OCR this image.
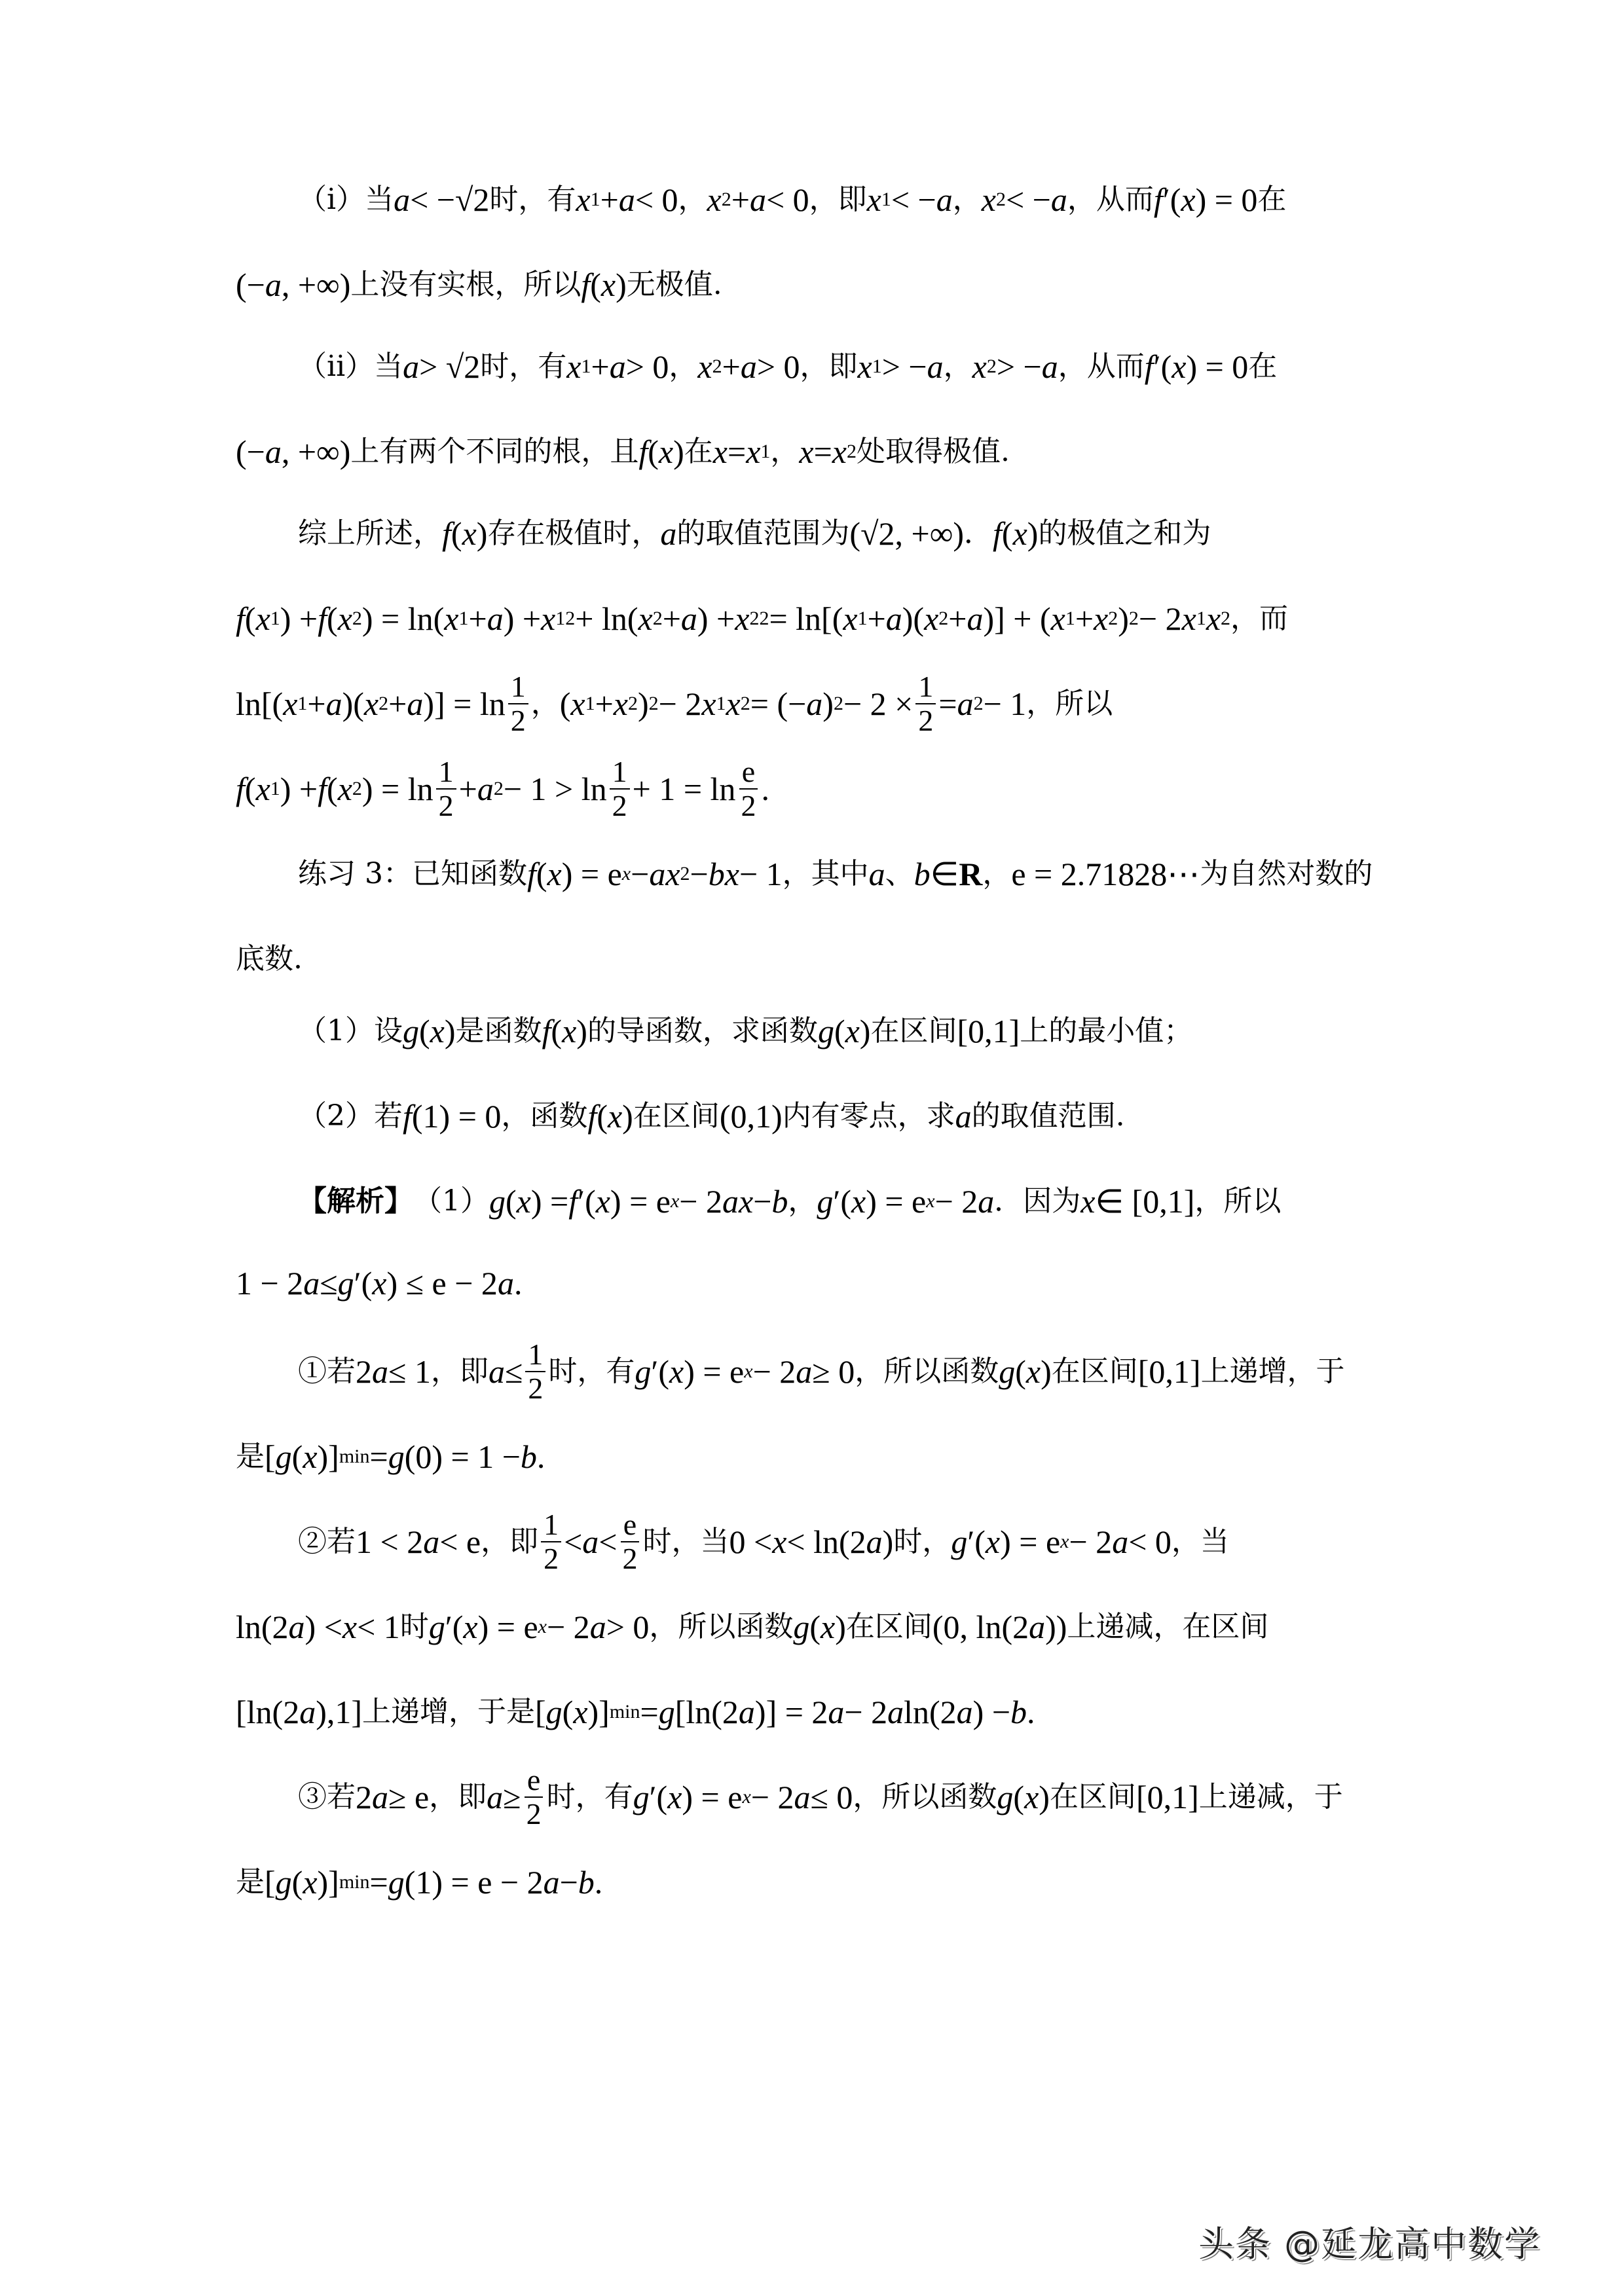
（i）当 a < −√2 时，有 x 1 + a < 0 ， x 2 + a < 0 ，即 x 1 < − a ， x 2 < − a ，从而 f ′( x ) = 0 在
(− a , +∞) 上没有实根，所以 f ( x ) 无极值.
（ii）当 a > √2 时，有 x 1 + a > 0 ， x 2 + a > 0 ，即 x 1 > − a ， x 2 > − a ，从而 f ′( x ) = 0 在
(− a , +∞) 上有两个不同的根，且 f ( x ) 在 x = x 1 ， x = x 2 处取得极值.
综上所述， f ( x ) 存在极值时， a 的取值范围为 (√2, +∞) ． f ( x ) 的极值之和为
f ( x 1 ) + f ( x 2 ) = ln( x 1 + a ) + x 1 2 + ln( x 2 + a ) + x 2 2 = ln[( x 1 + a )( x 2 + a )] + ( x 1 + x 2 ) 2 − 2 x 1 x 2 ，而
ln[( x 1 + a )( x 2 + a )] = $\ln \frac{1}{2}$ ， ( x 1 + x 2 ) 2 − 2 x 1 x 2 = (− a ) $2 - 2 \times \frac{1}{2} = a$ 2 − 1 ，所以
f ( x 1 ) + f ( x 2 ) = $\ln \frac{1}{2} + a$ $2 - 1 > \ln \frac{1}{2} + 1 = \ln \frac{e}{2}$ .
练习 3：已知函数 f ( x ) = e x − ax 2 − bx − 1 ，其中 a 、 b ∈ R ， e = 2.71828⋯ 为自然对数的
底数.
（1）设 g ( x ) 是函数 f ( x ) 的导函数，求函数 g ( x ) 在区间 [0,1] 上的最小值；
（2）若 f (1) = 0 ，函数 f ( x ) 在区间 (0,1) 内有零点，求 a 的取值范围.
【解析】 （1） g ( x ) = f ′( x ) = e x − 2 ax − b ， g ′( x ) = e x − 2 a ．因为 x ∈ [0,1] ，所以
1 − 2 a ≤ g ′( x ) ≤ e − 2 a .
①若 2 a ≤ 1 ，即 $a \le \frac{1}{2}$ 时，有 g ′( x ) = e x − 2 a ≥ 0 ，所以函数 g ( x ) 在区间 [0,1] 上递增，于
是 [ g ( x )] min = g (0) = 1 − b .
②若 1 < 2 a < e ，即 $\frac{1}{2} < a < \frac{e}{2}$ 时，当 0 < x < ln(2 a ) 时， g ′( x ) = e x − 2 a < 0 ，当
ln(2 a ) < x < 1 时 g ′( x ) = e x − 2 a > 0 ，所以函数 g ( x ) 在区间 (0, ln(2 a )) 上递减，在区间
[ln(2 a ),1] 上递增，于是 [ g ( x )] min = g [ln(2 a )] = 2 a − 2 a ln(2 a ) − b .
③若 2 a ≥ e ，即 $a \ge \frac{e}{2}$ 时，有 g ′( x ) = e x − 2 a ≤ 0 ，所以函数 g ( x ) 在区间 [0,1] 上递减，于
是 [ g ( x )] min = g (1) = e − 2 a − b .
头条 @延龙高中数学
